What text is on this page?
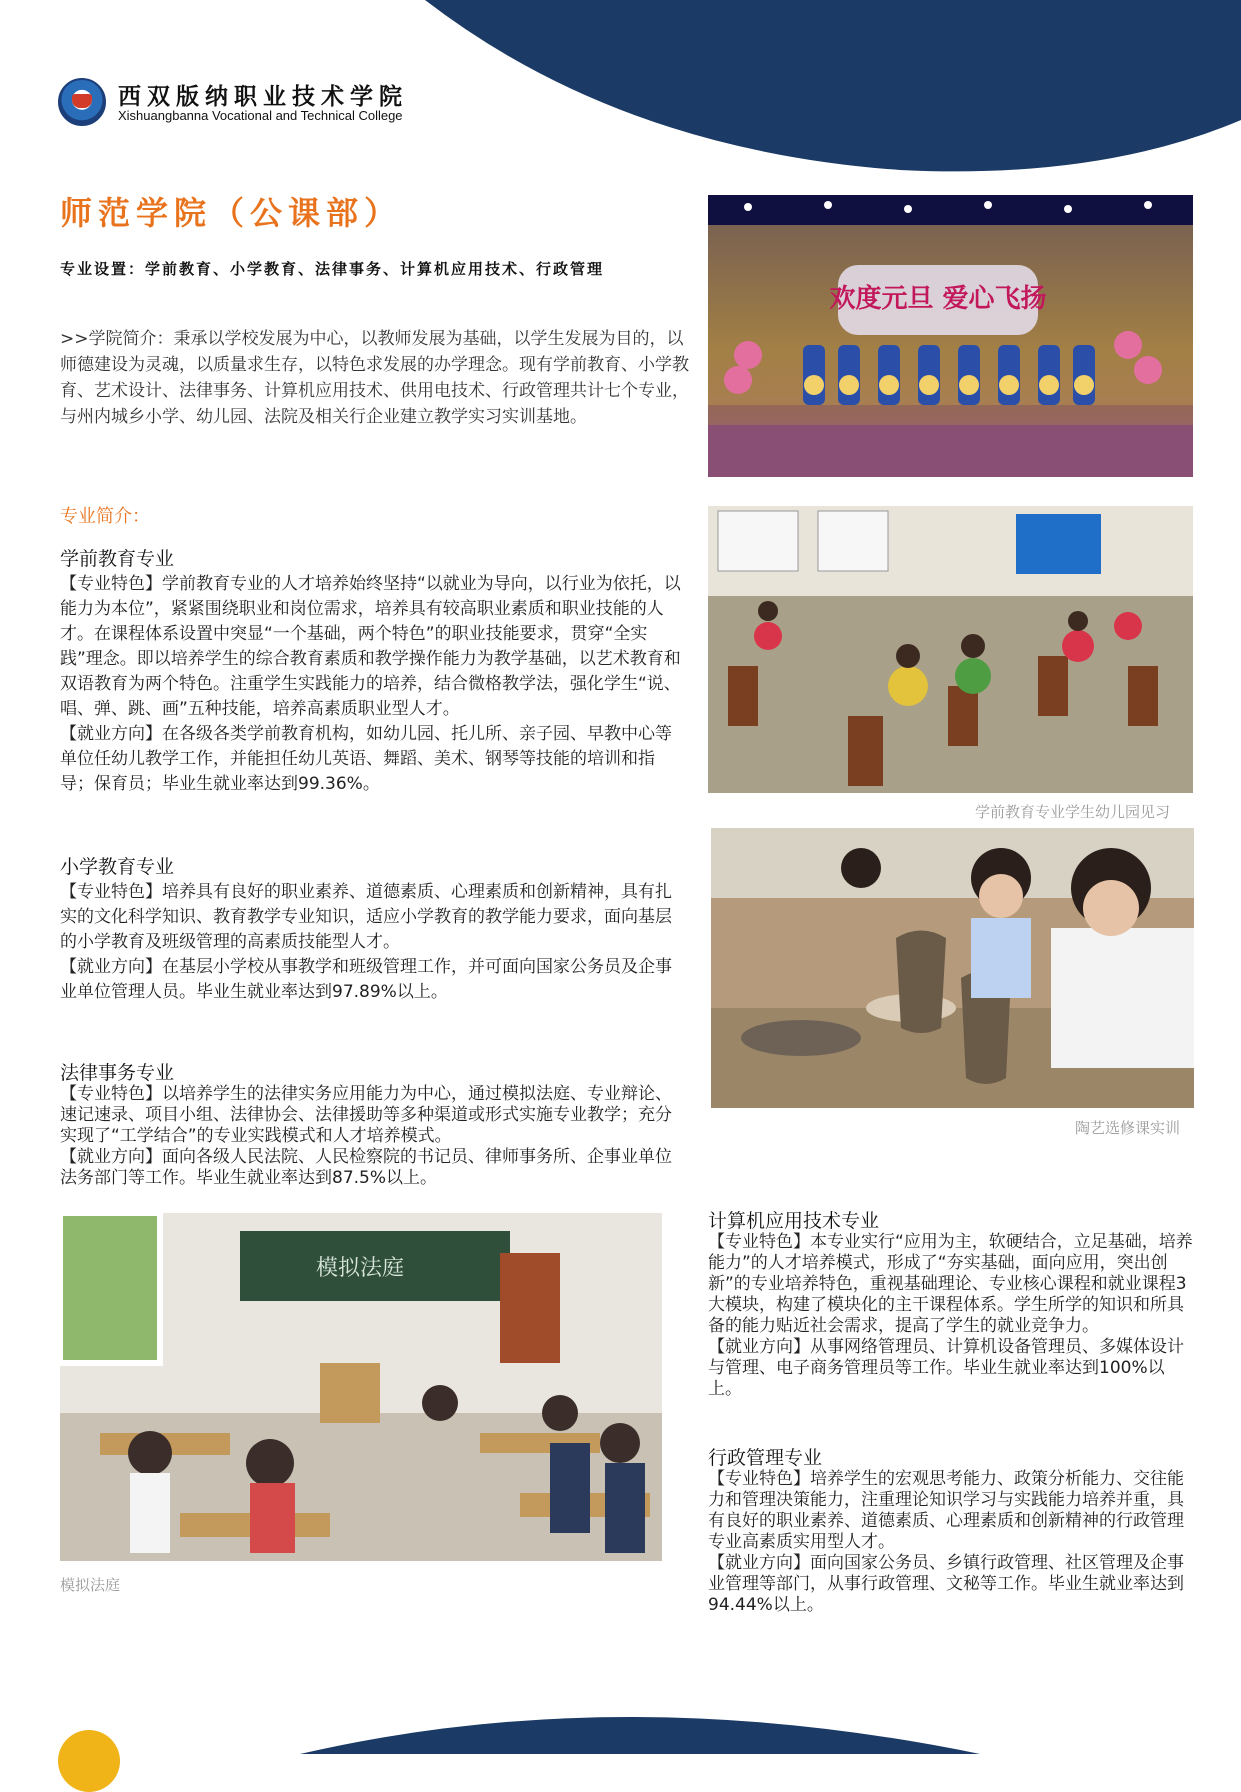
西双版纳职业技术学院
Xishuangbanna Vocational and Technical College
师范学院（公课部）
专业设置：学前教育、小学教育、法律事务、计算机应用技术、行政管理
>>学院简介：秉承以学校发展为中心，以教师发展为基础，以学生发展为目的，以师德建设为灵魂，以质量求生存，以特色求发展的办学理念。现有学前教育、小学教育、艺术设计、法律事务、计算机应用技术、供用电技术、行政管理共计七个专业，与州内城乡小学、幼儿园、法院及相关行企业建立教学实习实训基地。
专业简介：
学前教育专业
【专业特色】学前教育专业的人才培养始终坚持“以就业为导向，以行业为依托，以能力为本位”，紧紧围绕职业和岗位需求，培养具有较高职业素质和职业技能的人才。在课程体系设置中突显“一个基础，两个特色”的职业技能要求，贯穿“全实践”理念。即以培养学生的综合教育素质和教学操作能力为教学基础，以艺术教育和双语教育为两个特色。注重学生实践能力的培养，结合微格教学法，强化学生“说、唱、弹、跳、画”五种技能，培养高素质职业型人才。
【就业方向】在各级各类学前教育机构，如幼儿园、托儿所、亲子园、早教中心等单位任幼儿教学工作，并能担任幼儿英语、舞蹈、美术、钢琴等技能的培训和指导；保育员；毕业生就业率达到99.36%。
小学教育专业
【专业特色】培养具有良好的职业素养、道德素质、心理素质和创新精神，具有扎实的文化科学知识、教育教学专业知识，适应小学教育的教学能力要求，面向基层的小学教育及班级管理的高素质技能型人才。
【就业方向】在基层小学校从事教学和班级管理工作，并可面向国家公务员及企事业单位管理人员。毕业生就业率达到97.89%以上。
法律事务专业
【专业特色】以培养学生的法律实务应用能力为中心，通过模拟法庭、专业辩论、速记速录、项目小组、法律协会、法律援助等多种渠道或形式实施专业教学；充分实现了“工学结合”的专业实践模式和人才培养模式。
【就业方向】面向各级人民法院、人民检察院的书记员、律师事务所、企事业单位法务部门等工作。毕业生就业率达到87.5%以上。
计算机应用技术专业
【专业特色】本专业实行“应用为主，软硬结合，立足基础，培养能力”的人才培养模式，形成了“夯实基础，面向应用，突出创新”的专业培养特色，重视基础理论、专业核心课程和就业课程3大模块，构建了模块化的主干课程体系。学生所学的知识和所具备的能力贴近社会需求，提高了学生的就业竞争力。
【就业方向】从事网络管理员、计算机设备管理员、多媒体设计与管理、电子商务管理员等工作。毕业生就业率达到100%以上。
行政管理专业
【专业特色】培养学生的宏观思考能力、政策分析能力、交往能力和管理决策能力，注重理论知识学习与实践能力培养并重，具有良好的职业素养、道德素质、心理素质和创新精神的行政管理专业高素质实用型人才。
【就业方向】面向国家公务员、乡镇行政管理、社区管理及企事业管理等部门，从事行政管理、文秘等工作。毕业生就业率达到94.44%以上。
欢度元旦 爱心飞扬
学前教育专业学生幼儿园见习
陶艺选修课实训
模拟法庭
模拟法庭
